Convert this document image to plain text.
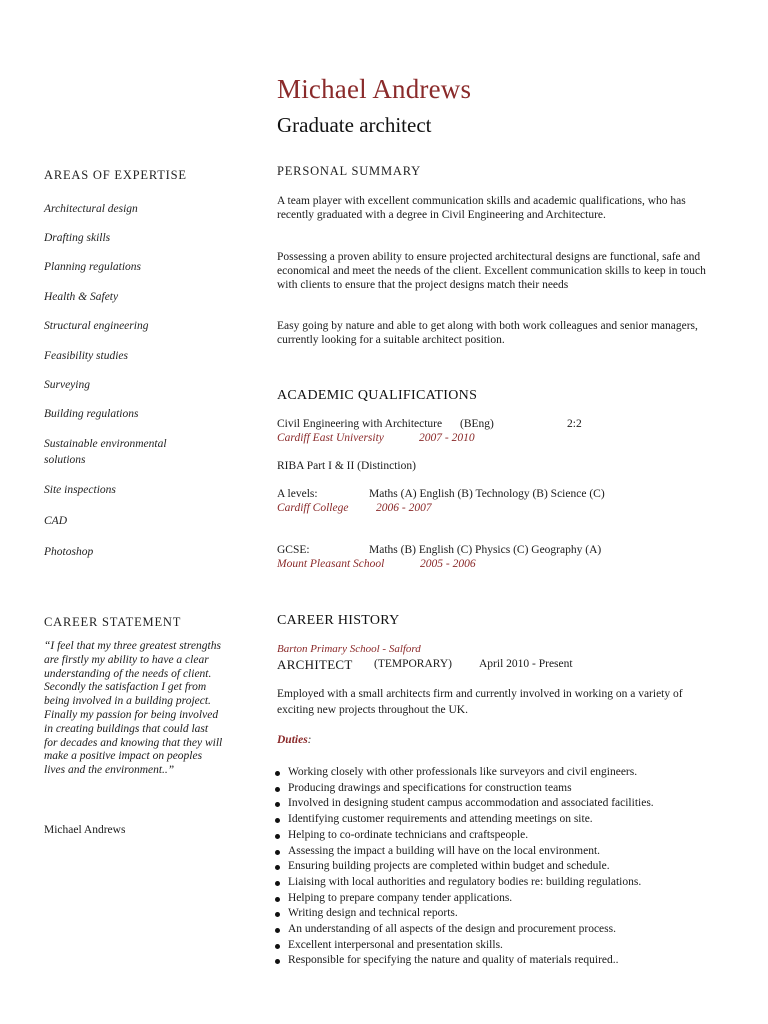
Michael Andrews
Graduate architect
AREAS OF EXPERTISE
Architectural design
Drafting skills
Planning regulations
Health & Safety
Structural engineering
Feasibility studies
Surveying
Building regulations
Sustainable environmental solutions
Site inspections
CAD
Photoshop
PERSONAL SUMMARY
A team player with excellent communication skills and academic qualifications, who has recently graduated with a degree in Civil Engineering and Architecture.
Possessing a proven ability to ensure projected architectural designs are functional, safe and economical and meet the needs of the client. Excellent communication skills to keep in touch with clients to ensure that the project designs match their needs
Easy going by nature and able to get along with both work colleagues and senior managers, currently looking for a suitable architect position.
ACADEMIC QUALIFICATIONS
Civil Engineering with Architecture (BEng)	2:2
Cardiff East University	2007 - 2010
RIBA Part I & II (Distinction)
A levels:	Maths (A) English (B) Technology (B) Science (C)
Cardiff College 2006 - 2007
GCSE:	Maths (B) English (C) Physics (C) Geography (A)
Mount Pleasant School	2005 - 2006
CAREER STATEMENT
“I feel that my three greatest strengths are firstly my ability to have a clear understanding of the needs of client. Secondly the satisfaction I get from being involved in a building project. Finally my passion for being involved in creating buildings that could last for decades and knowing that they will make a positive impact on peoples lives and the environment..”
Michael Andrews
CAREER HISTORY
Barton Primary School - Salford
ARCHITECT (TEMPORARY) April 2010 - Present
Employed with a small architects firm and currently involved in working on a variety of exciting new projects throughout the UK.
Duties:
Working closely with other professionals like surveyors and civil engineers.
Producing drawings and specifications for construction teams
Involved in designing student campus accommodation and associated facilities.
Identifying customer requirements and attending meetings on site.
Helping to co-ordinate technicians and craftspeople.
Assessing the impact a building will have on the local environment.
Ensuring building projects are completed within budget and schedule.
Liaising with local authorities and regulatory bodies re: building regulations.
Helping to prepare company tender applications.
Writing design and technical reports.
An understanding of all aspects of the design and procurement process.
Excellent interpersonal and presentation skills.
Responsible for specifying the nature and quality of materials required..
